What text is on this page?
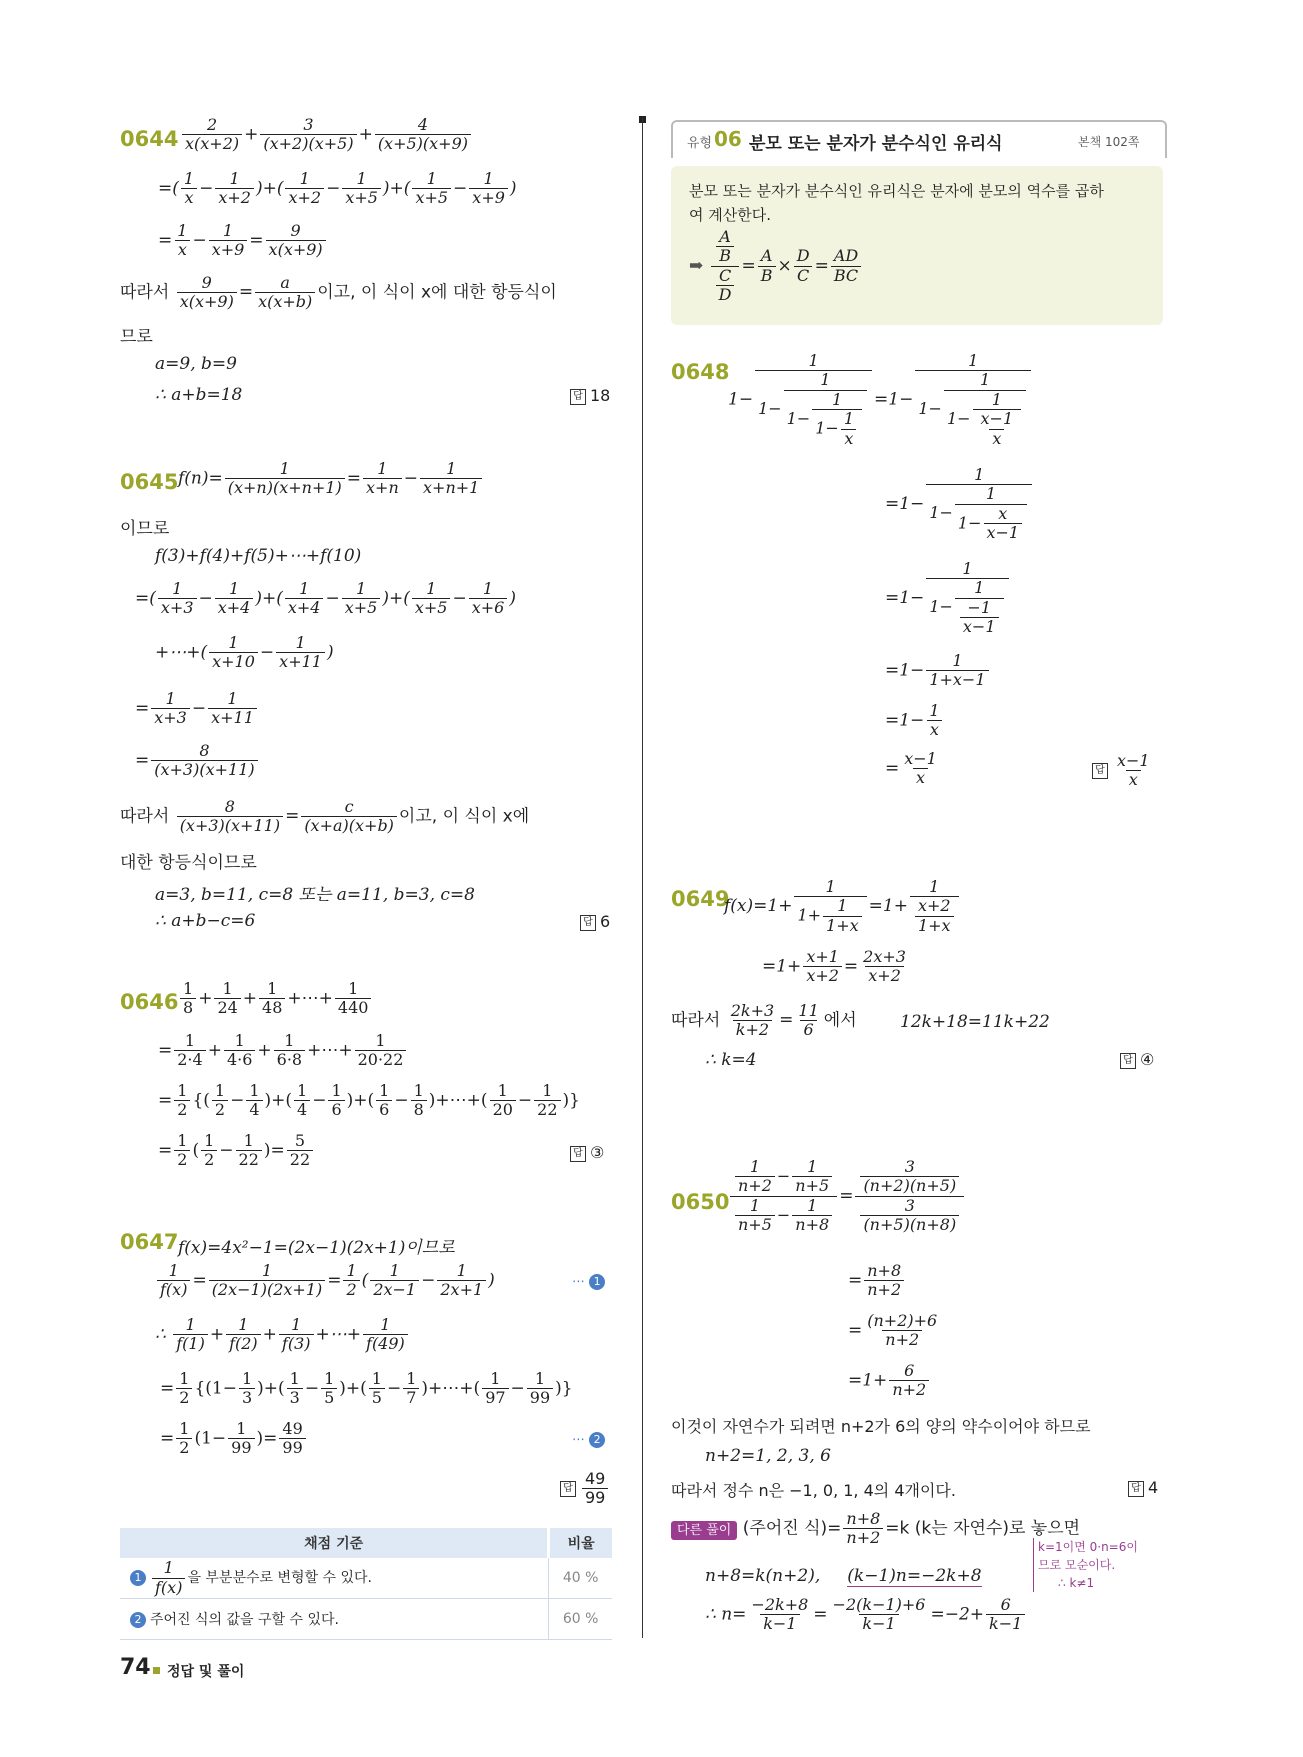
$0644 \frac{2}{x(x+2)} + \frac{3}{(x+2)(x+5)} + \frac{4}{(x+5)(x+9)}$
=( $\frac{1}{x} - \frac{1}{x+2}$ )+( $\frac{1}{x+2} - \frac{1}{x+5}$ )+( $\frac{1}{x+5} - \frac{1}{x+9}$ )
= $\frac{1}{x} - \frac{1}{x+9} = \frac{9}{x(x+9)}$
따라서 $\frac{9}{x(x+9)} = \frac{a}{x(x+b)}$ 이고, 이 식이 x에 대한 항등식이
므로
a=9, b=9
∴ a+b=18	답 18
0645 $f(n)= \frac{1}{(x+n)(x+n+1)} = \frac{1}{x+n} - \frac{1}{x+n+1}$
이므로
f(3)+f(4)+f(5)+⋯+f(10)
=( $\frac{1}{x+3} - \frac{1}{x+4}$ )+( $\frac{1}{x+4} - \frac{1}{x+5}$ )+( $\frac{1}{x+5} - \frac{1}{x+6}$ )
+⋯+( $\frac{1}{x+10} - \frac{1}{x+11}$ )
= $\frac{1}{x+3} - \frac{1}{x+11}$
= $\frac{8}{(x+3)(x+11)}$
따라서 $\frac{8}{(x+3)(x+11)} = \frac{c}{(x+a)(x+b)}$ 이고, 이 식이 x에
대한 항등식이므로
a=3, b=11, c=8 또는 a=11, b=3, c=8
∴ a+b−c=6	답 6
$0646 \frac{1}{8} + \frac{1}{24} + \frac{1}{48}$ +⋯+ $\frac{1}{440}$
= $\frac{1}{2\cdot 4} + \frac{1}{4\cdot 6} + \frac{1}{6\cdot 8}$ +⋯+ $\frac{1}{20\cdot 22}$
= $\frac{1}{2}$ {( $\frac{1}{2} - \frac{1}{4}$ )+( $\frac{1}{4} - \frac{1}{6}$ )+( $\frac{1}{6} - \frac{1}{8}$ )+⋯+( $\frac{1}{20} - \frac{1}{22}$ )}
= $\frac{1}{2}$ ( $\frac{1}{2} - \frac{1}{22}$ )= $\frac{5}{22}$	답 ③
0647 f(x)=4x²−1=(2x−1)(2x+1)이므로
$\frac{1}{f(x)} = \frac{1}{(2x-1)(2x+1)} = \frac{1}{2}$ ( $\frac{1}{2x-1} - \frac{1}{2x+1}$ )	⋯ 1
∴ $\frac{1}{f(1)} + \frac{1}{f(2)} + \frac{1}{f(3)}$ +⋯+ $\frac{1}{f(49)}$
= $\frac{1}{2} \{(1- \frac{1}{3}$ )+( $\frac{1}{3} - \frac{1}{5}$ )+( $\frac{1}{5} - \frac{1}{7}$ )+⋯+( $\frac{1}{97} - \frac{1}{99}$ )}
= $\frac{1}{2} (1- \frac{1}{99}$ )= $\frac{49}{99}$	⋯ 2
답 $\frac{49}{99}$
채점 기준	비율
$1 \frac{1}{f(x)}$ 을 부분분수로 변형할 수 있다.	40 %
2 주어진 식의 값을 구할 수 있다.	60 %
유형 06 분모 또는 분자가 분수식인 유리식	본책 102쪽
분모 또는 분자가 분수식인 유리식은 분자에 분모의 역수를 곱하
여 계산한다.
➡ $\frac{\frac{A}{B}}{\frac{C}{D}} = \frac{A}{B} \times \frac{D}{C} = \frac{AD}{BC}$
0648
$1- \frac{1}{1- \frac{1}{1- \frac{1}{1- \frac{1}{x}}}} =1- \frac{1}{1- \frac{1}{1- \frac{1}{\frac{x-1}{x}}}}$
$=1- \frac{1}{1- \frac{1}{1- \frac{x}{x-1}}}$
$=1- \frac{1}{1- \frac{1}{\frac{-1}{x-1}}}$
$=1- \frac{1}{1+x-1}$
$=1- \frac{1}{x}$
= $\frac{x-1}{x}$	답 $\frac{x-1}{x}$
0649
$f(x)=1+ \frac{1}{1+ \frac{1}{1+x}} =1+ \frac{1}{\frac{x+2}{1+x}}$
$=1+ \frac{x+1}{x+2} = \frac{2x+3}{x+2}$
따라서 $\frac{2k+3}{k+2} = \frac{11}{6}$ 에서	12k+18=11k+22
∴ k=4	답 ④
$0650 \frac{\frac{1}{n+2} - \frac{1}{n+5}}{\frac{1}{n+5} - \frac{1}{n+8}} = \frac{\frac{3}{(n+2)(n+5)}}{\frac{3}{(n+5)(n+8)}}$
= $\frac{n+8}{n+2}$
= $\frac{(n+2)+6}{n+2}$
$=1+ \frac{6}{n+2}$
이것이 자연수가 되려면 n+2가 6의 양의 약수이어야 하므로
n+2=1, 2, 3, 6
따라서 정수 n은 −1, 0, 1, 4의 4개이다.	답 4
다른 풀이 (주어진 식)= $\frac{n+8}{n+2} =k$ (k는 자연수)로 놓으면
n+8=k(n+2),     (k−1)n=−2k+8
k=1이면 0·n=6이
므로 모순이다.
∴ k≠1
∴ $n= \frac{-2k+8}{k-1} = \frac{-2(k-1)+6}{k-1} =-2+ \frac{6}{k-1}$
74 정답 및 풀이
